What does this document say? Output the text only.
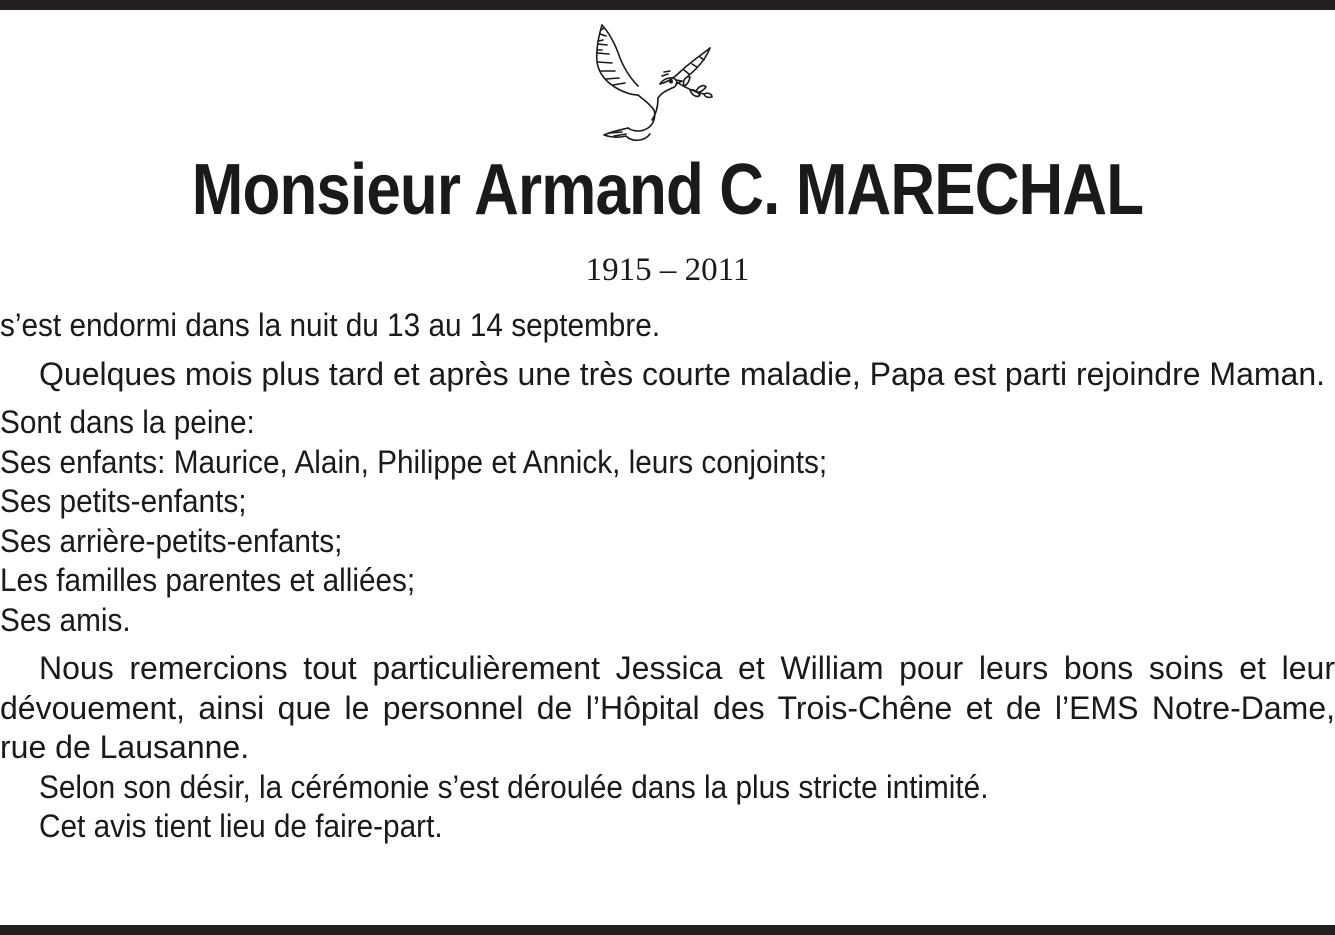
Monsieur Armand C. MARECHAL
1915 – 2011

s’est endormi dans la nuit du 13 au 14 septembre.

Quelques mois plus tard et après une très courte maladie, Papa est parti rejoindre Maman.

Sont dans la peine:

Ses enfants: Maurice, Alain, Philippe et Annick, leurs conjoints;

Ses petits-enfants;

Ses arrière-petits-enfants;

Les familles parentes et alliées;

Ses amis.

Nous remercions tout particulièrement Jessica et William pour leurs bons soins et leur dévouement, ainsi que le personnel de l’Hôpital des Trois-Chêne et de l’EMS Notre-Dame, rue de Lausanne.

Selon son désir, la cérémonie s’est déroulée dans la plus stricte intimité.

Cet avis tient lieu de faire-part.
